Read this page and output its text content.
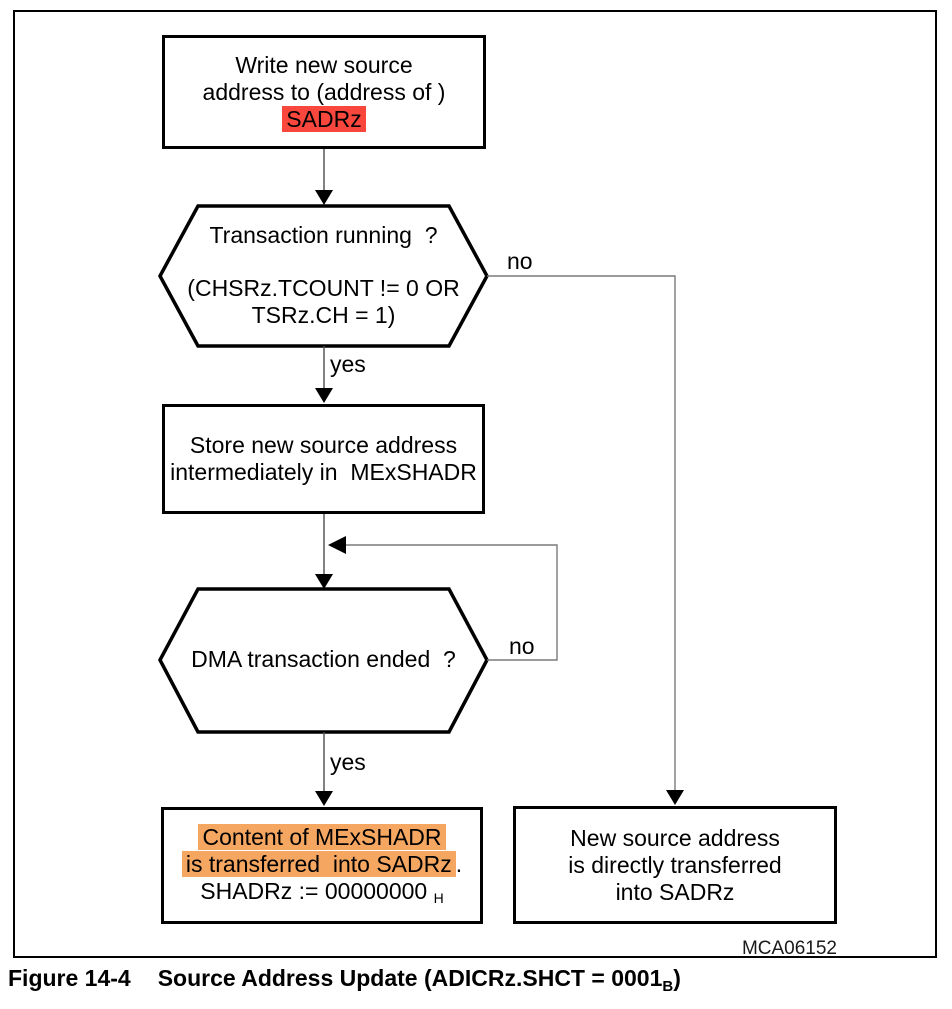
Write new source
address to (address of )
SADRz
Transaction running  ?
(CHSRz.TCOUNT != 0 OR
TSRz.CH = 1)
no
yes
no
yes
Store new source address
intermediately in  MExSHADR
DMA transaction ended  ?
Content of MExSHADR
is transferred  into SADRz .
SHADRz := 00000000 H
New source address
is directly transferred
into SADRz
MCA06152
Figure 14-4 Source Address Update (ADICRz.SHCT = $0001_B$)
